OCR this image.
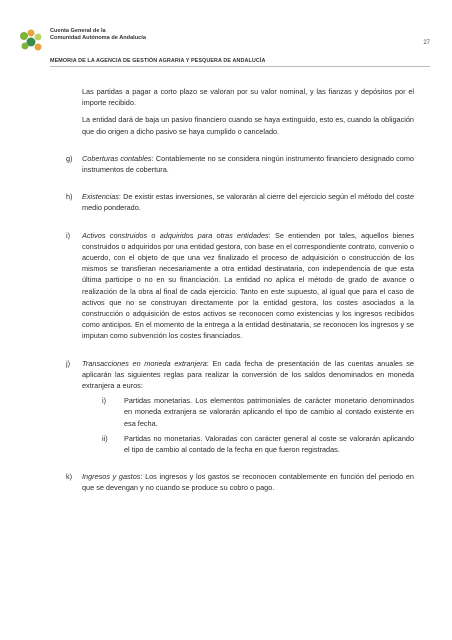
Cuenta General de la
Comunidad Autónoma de Andalucía
27
MEMORIA DE LA AGENCIA DE GESTIÓN AGRARIA Y PESQUERA DE ANDALUCÍA

Las partidas a pagar a corto plazo se valoran por su valor nominal, y las fianzas y depósitos por el importe recibido.

La entidad dará de baja un pasivo financiero cuando se haya extinguido, esto es, cuando la obligación que dio origen a dicho pasivo se haya cumplido o cancelado.

g) Coberturas contables: Contablemente no se considera ningún instrumento financiero designado como instrumentos de cobertura.

h) Existencias: De existir estas inversiones, se valorarán al cierre del ejercicio según el método del coste medio ponderado.

i) Activos construidos o adquiridos para otras entidades: Se entienden por tales, aquellos bienes construidos o adquiridos por una entidad gestora, con base en el correspondiente contrato, convenio o acuerdo, con el objeto de que una vez finalizado el proceso de adquisición o construcción de los mismos se transfieran necesariamente a otra entidad destinataria, con independencia de que esta última participe o no en su financiación. La entidad no aplica el método de grado de avance o realización de la obra al final de cada ejercicio. Tanto en este supuesto, al igual que para el caso de activos que no se construyan directamente por la entidad gestora, los costes asociados a la construcción o adquisición de estos activos se reconocen como existencias y los ingresos recibidos como anticipos. En el momento de la entrega a la entidad destinataria, se reconocen los ingresos y se imputan como subvención los costes financiados.

j) Transacciones en moneda extranjera: En cada fecha de presentación de las cuentas anuales se aplicarán las siguientes reglas para realizar la conversión de los saldos denominados en moneda extranjera a euros:

i) Partidas monetarias. Los elementos patrimoniales de carácter monetario denominados en moneda extranjera se valorarán aplicando el tipo de cambio al contado existente en esa fecha.

ii) Partidas no monetarias. Valoradas con carácter general al coste se valorarán aplicando el tipo de cambio al contado de la fecha en que fueron registradas.

k) Ingresos y gastos: Los ingresos y los gastos se reconocen contablemente en función del periodo en que se devengan y no cuando se produce su cobro o pago.
